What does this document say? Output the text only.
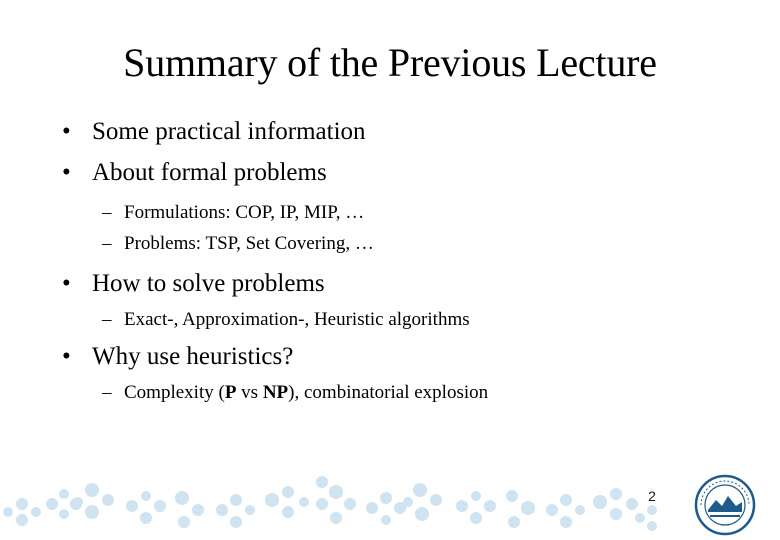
Summary of the Previous Lecture
• Some practical information
• About formal problems
– Formulations: COP, IP, MIP, …
– Problems: TSP, Set Covering, …
• How to solve problems
– Exact-, Approximation-, Heuristic algorithms
• Why use heuristics?
– Complexity (P vs NP), combinatorial explosion
2
